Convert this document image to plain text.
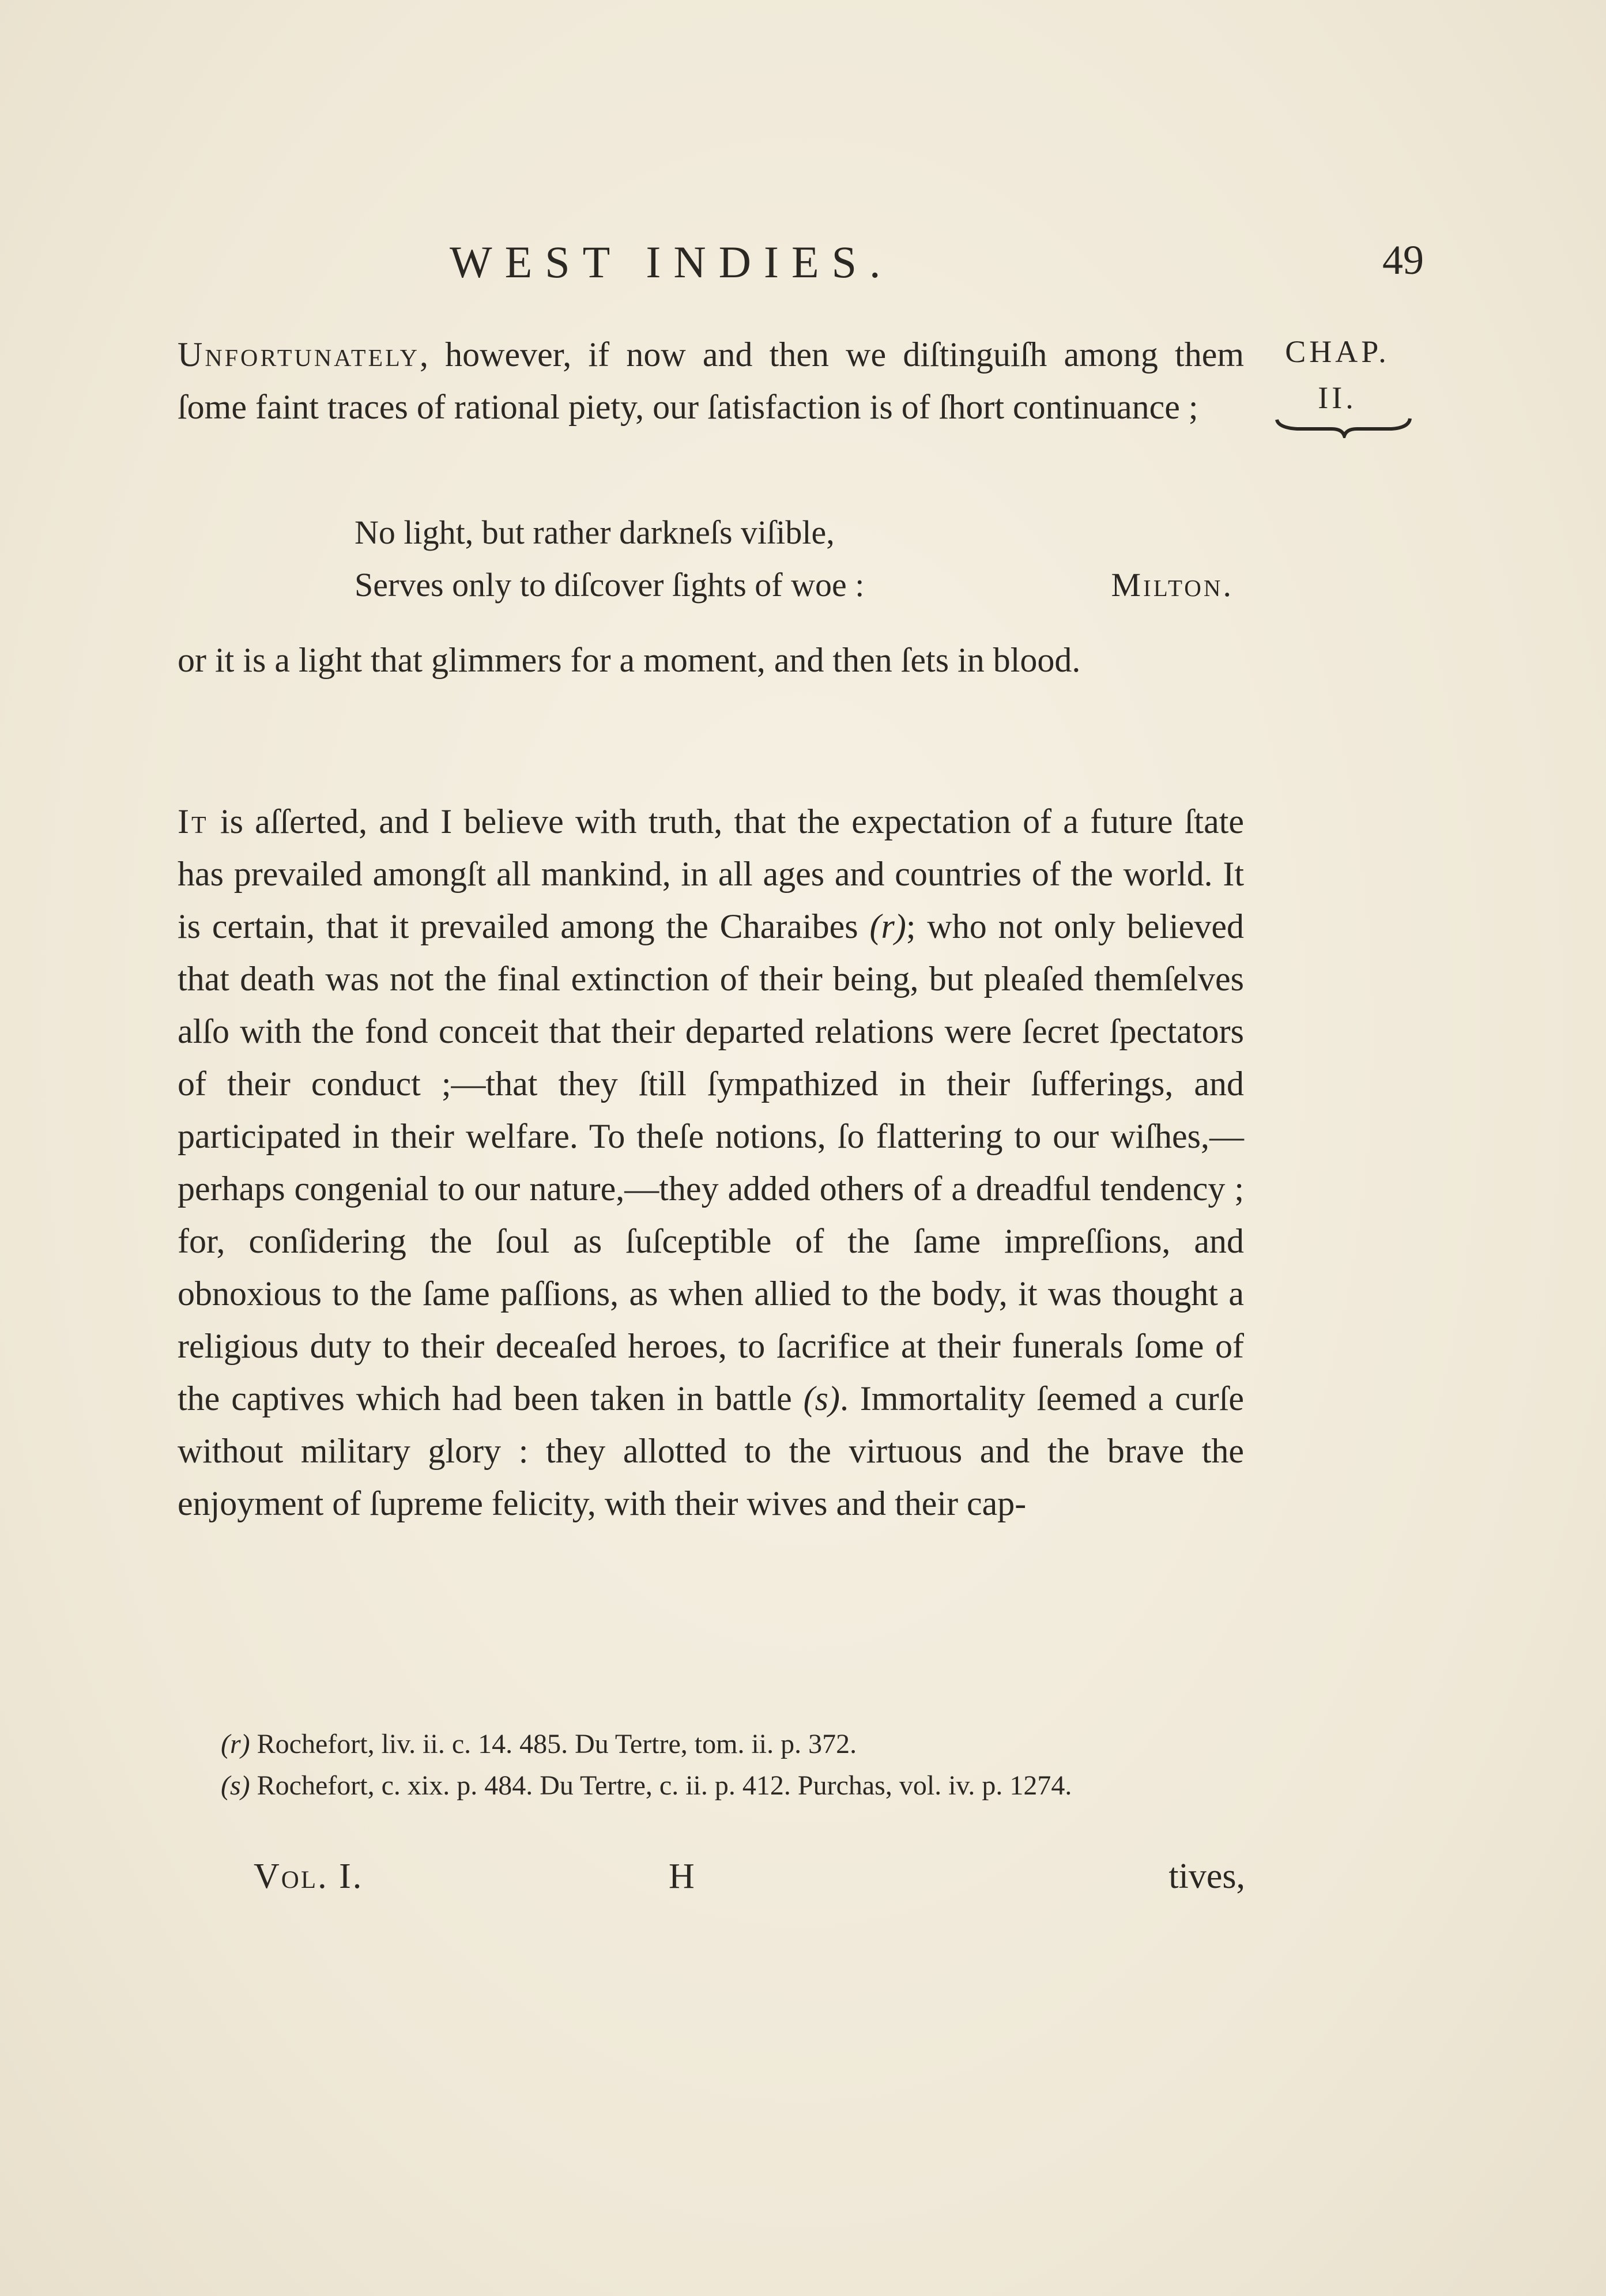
WEST INDIES.	49
CHAP.
II.
Unfortunately, however, if now and then we diſtinguiſh among them ſome faint traces of rational piety, our ſatisfaction is of ſhort continuance ;
No light, but rather darkneſs viſible,
Serves only to diſcover ſights of woe :	Milton.
or it is a light that glimmers for a moment, and then ſets in blood.
It is aſſerted, and I believe with truth, that the expectation of a future ſtate has prevailed amongſt all mankind, in all ages and countries of the world. It is certain, that it prevailed among the Charaibes (r); who not only believed that death was not the final extinction of their being, but pleaſed themſelves alſo with the fond conceit that their departed relations were ſecret ſpectators of their conduct ;—that they ſtill ſympathized in their ſufferings, and participated in their welfare. To theſe notions, ſo flattering to our wiſhes,—perhaps congenial to our nature,—they added others of a dreadful tendency ; for, conſidering the ſoul as ſuſceptible of the ſame impreſſions, and obnoxious to the ſame paſſions, as when allied to the body, it was thought a religious duty to their deceaſed heroes, to ſacrifice at their funerals ſome of the captives which had been taken in battle (s). Immortality ſeemed a curſe without military glory : they allotted to the virtuous and the brave the enjoyment of ſupreme felicity, with their wives and their cap-
(r) Rochefort, liv. ii. c. 14. 485. Du Tertre, tom. ii. p. 372.
(s) Rochefort, c. xix. p. 484. Du Tertre, c. ii. p. 412. Purchas, vol. iv. p. 1274.
Vol. I.	H	tives,
